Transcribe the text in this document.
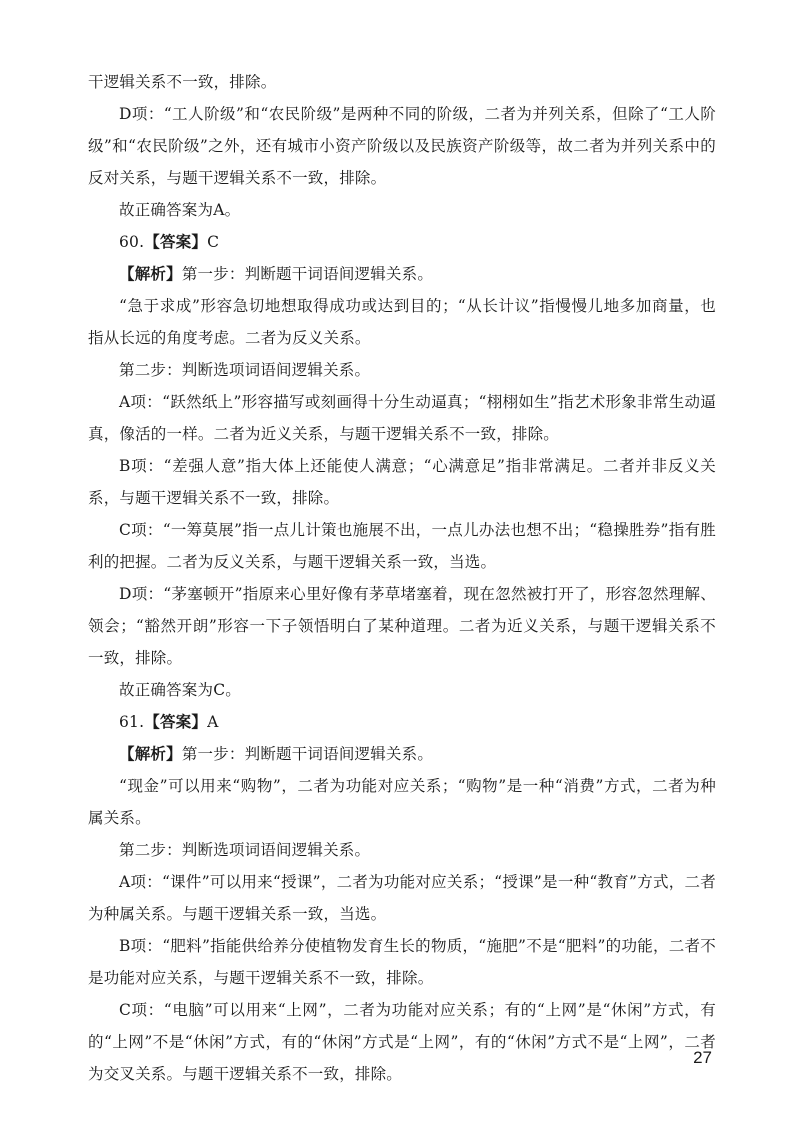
干逻辑关系不一致，排除。

D项：“工人阶级”和“农民阶级”是两种不同的阶级，二者为并列关系，但除了“工人阶级”和“农民阶级”之外，还有城市小资产阶级以及民族资产阶级等，故二者为并列关系中的反对关系，与题干逻辑关系不一致，排除。

故正确答案为A。

60.【答案】C

【解析】第一步：判断题干词语间逻辑关系。

“急于求成”形容急切地想取得成功或达到目的；“从长计议”指慢慢儿地多加商量，也指从长远的角度考虑。二者为反义关系。

第二步：判断选项词语间逻辑关系。

A项：“跃然纸上”形容描写或刻画得十分生动逼真；“栩栩如生”指艺术形象非常生动逼真，像活的一样。二者为近义关系，与题干逻辑关系不一致，排除。

B项：“差强人意”指大体上还能使人满意；“心满意足”指非常满足。二者并非反义关系，与题干逻辑关系不一致，排除。

C项：“一筹莫展”指一点儿计策也施展不出，一点儿办法也想不出；“稳操胜券”指有胜利的把握。二者为反义关系，与题干逻辑关系一致，当选。

D项：“茅塞顿开”指原来心里好像有茅草堵塞着，现在忽然被打开了，形容忽然理解、领会；“豁然开朗”形容一下子领悟明白了某种道理。二者为近义关系，与题干逻辑关系不一致，排除。

故正确答案为C。

61.【答案】A

【解析】第一步：判断题干词语间逻辑关系。

“现金”可以用来“购物”，二者为功能对应关系；“购物”是一种“消费”方式，二者为种属关系。

第二步：判断选项词语间逻辑关系。

A项：“课件”可以用来“授课”，二者为功能对应关系；“授课”是一种“教育”方式，二者为种属关系。与题干逻辑关系一致，当选。

B项：“肥料”指能供给养分使植物发育生长的物质，“施肥”不是“肥料”的功能，二者不是功能对应关系，与题干逻辑关系不一致，排除。

C项：“电脑”可以用来“上网”，二者为功能对应关系；有的“上网”是“休闲”方式，有的“上网”不是“休闲”方式，有的“休闲”方式是“上网”，有的“休闲”方式不是“上网”，二者为交叉关系。与题干逻辑关系不一致，排除。

27
